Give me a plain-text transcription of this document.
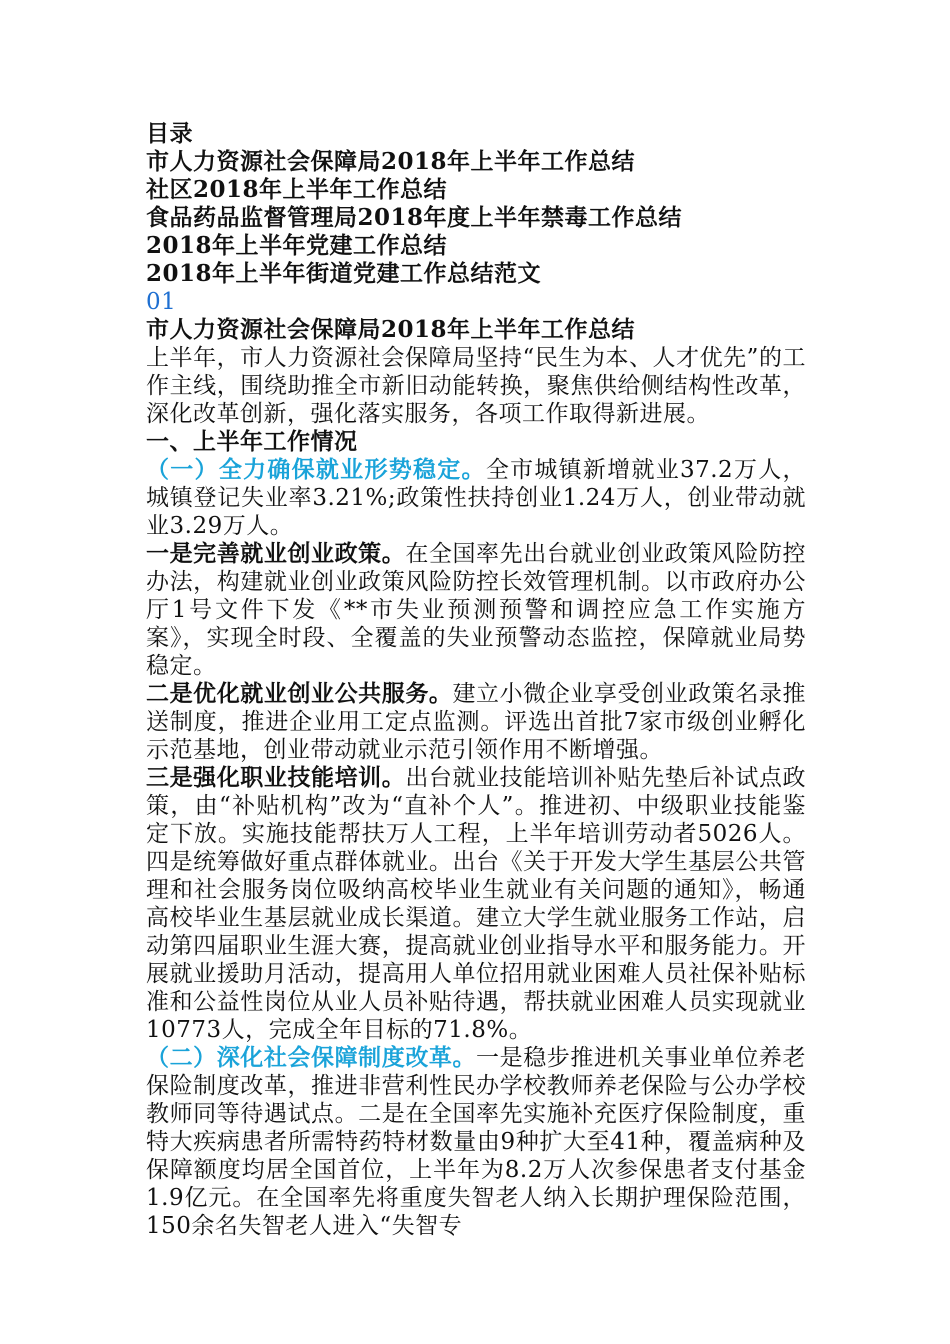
目录
市人力资源社会保障局2018年上半年工作总结
社区2018年上半年工作总结
食品药品监督管理局2018年度上半年禁毒工作总结
2018年上半年党建工作总结
2018年上半年街道党建工作总结范文
01
市人力资源社会保障局2018年上半年工作总结

上半年，市人力资源社会保障局坚持“民生为本、人才优先”的工作主线，围绕助推全市新旧动能转换，聚焦供给侧结构性改革，深化改革创新，强化落实服务，各项工作取得新进展。

一、上半年工作情况

（一）全力确保就业形势稳定。全市城镇新增就业37.2万人，城镇登记失业率3.21%;政策性扶持创业1.24万人，创业带动就业3.29万人。

一是完善就业创业政策。在全国率先出台就业创业政策风险防控办法，构建就业创业政策风险防控长效管理机制。以市政府办公厅1号文件下发《**市失业预测预警和调控应急工作实施方案》，实现全时段、全覆盖的失业预警动态监控，保障就业局势稳定。

二是优化就业创业公共服务。建立小微企业享受创业政策名录推送制度，推进企业用工定点监测。评选出首批7家市级创业孵化示范基地，创业带动就业示范引领作用不断增强。

三是强化职业技能培训。出台就业技能培训补贴先垫后补试点政策，由“补贴机构”改为“直补个人”。推进初、中级职业技能鉴定下放。实施技能帮扶万人工程，上半年培训劳动者5026人。四是统筹做好重点群体就业。出台《关于开发大学生基层公共管理和社会服务岗位吸纳高校毕业生就业有关问题的通知》，畅通高校毕业生基层就业成长渠道。建立大学生就业服务工作站，启动第四届职业生涯大赛，提高就业创业指导水平和服务能力。开展就业援助月活动，提高用人单位招用就业困难人员社保补贴标准和公益性岗位从业人员补贴待遇，帮扶就业困难人员实现就业10773人，完成全年目标的71.8%。

（二）深化社会保障制度改革。一是稳步推进机关事业单位养老保险制度改革，推进非营利性民办学校教师养老保险与公办学校教师同等待遇试点。二是在全国率先实施补充医疗保险制度，重特大疾病患者所需特药特材数量由9种扩大至41种，覆盖病种及保障额度均居全国首位，上半年为8.2万人次参保患者支付基金1.9亿元。在全国率先将重度失智老人纳入长期护理保险范围，150余名失智老人进入“失智专
